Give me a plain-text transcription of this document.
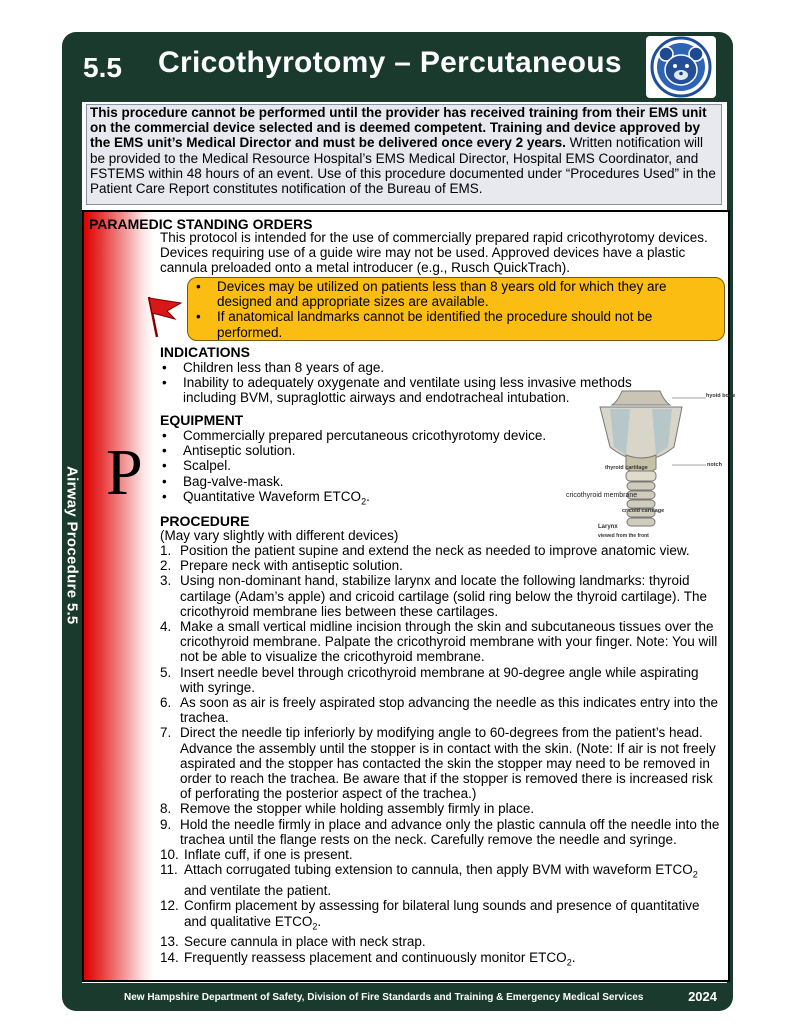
5.5 Cricothyrotomy – Percutaneous
Airway Procedure 5.5
This procedure cannot be performed until the provider has received training from their EMS unit on the commercial device selected and is deemed competent. Training and device approved by the EMS unit’s Medical Director and must be delivered once every 2 years. Written notification will be provided to the Medical Resource Hospital’s EMS Medical Director, Hospital EMS Coordinator, and FSTEMS within 48 hours of an event. Use of this procedure documented under “Procedures Used” in the Patient Care Report constitutes notification of the Bureau of EMS.
PARAMEDIC STANDING ORDERS
This protocol is intended for the use of commercially prepared rapid cricothyrotomy devices. Devices requiring use of a guide wire may not be used. Approved devices have a plastic cannula preloaded onto a metal introducer (e.g., Rusch QuickTrach).
• Devices may be utilized on patients less than 8 years old for which they are designed and appropriate sizes are available.
• If anatomical landmarks cannot be identified the procedure should not be performed.
INDICATIONS
• Children less than 8 years of age.
• Inability to adequately oxygenate and ventilate using less invasive methods including BVM, supraglottic airways and endotracheal intubation.
EQUIPMENT
• Commercially prepared percutaneous cricothyrotomy device.
• Antiseptic solution.
• Scalpel.
• Bag-valve-mask.
• Quantitative Waveform $ETCO_2$.
P
hyoid bone
thyroid cartilage	notch
cricothyroid membrane
cricoid cartilage
Larynx
viewed from the front
PROCEDURE
(May vary slightly with different devices)
1. Position the patient supine and extend the neck as needed to improve anatomic view.
2. Prepare neck with antiseptic solution.
3. Using non-dominant hand, stabilize larynx and locate the following landmarks: thyroid cartilage (Adam’s apple) and cricoid cartilage (solid ring below the thyroid cartilage). The cricothyroid membrane lies between these cartilages.
4. Make a small vertical midline incision through the skin and subcutaneous tissues over the cricothyroid membrane. Palpate the cricothyroid membrane with your finger. Note: You will not be able to visualize the cricothyroid membrane.
5. Insert needle bevel through cricothyroid membrane at 90-degree angle while aspirating with syringe.
6. As soon as air is freely aspirated stop advancing the needle as this indicates entry into the trachea.
7. Direct the needle tip inferiorly by modifying angle to 60-degrees from the patient’s head. Advance the assembly until the stopper is in contact with the skin. (Note: If air is not freely aspirated and the stopper has contacted the skin the stopper may need to be removed in order to reach the trachea. Be aware that if the stopper is removed there is increased risk of perforating the posterior aspect of the trachea.)
8. Remove the stopper while holding assembly firmly in place.
9. Hold the needle firmly in place and advance only the plastic cannula off the needle into the trachea until the flange rests on the neck. Carefully remove the needle and syringe.
10. Inflate cuff, if one is present.
11. Attach corrugated tubing extension to cannula, then apply BVM with waveform $ETCO_2$ and ventilate the patient.
12. Confirm placement by assessing for bilateral lung sounds and presence of quantitative and qualitative $ETCO_2$.
13. Secure cannula in place with neck strap.
14. Frequently reassess placement and continuously monitor $ETCO_2$.
New Hampshire Department of Safety, Division of Fire Standards and Training & Emergency Medical Services	2024
